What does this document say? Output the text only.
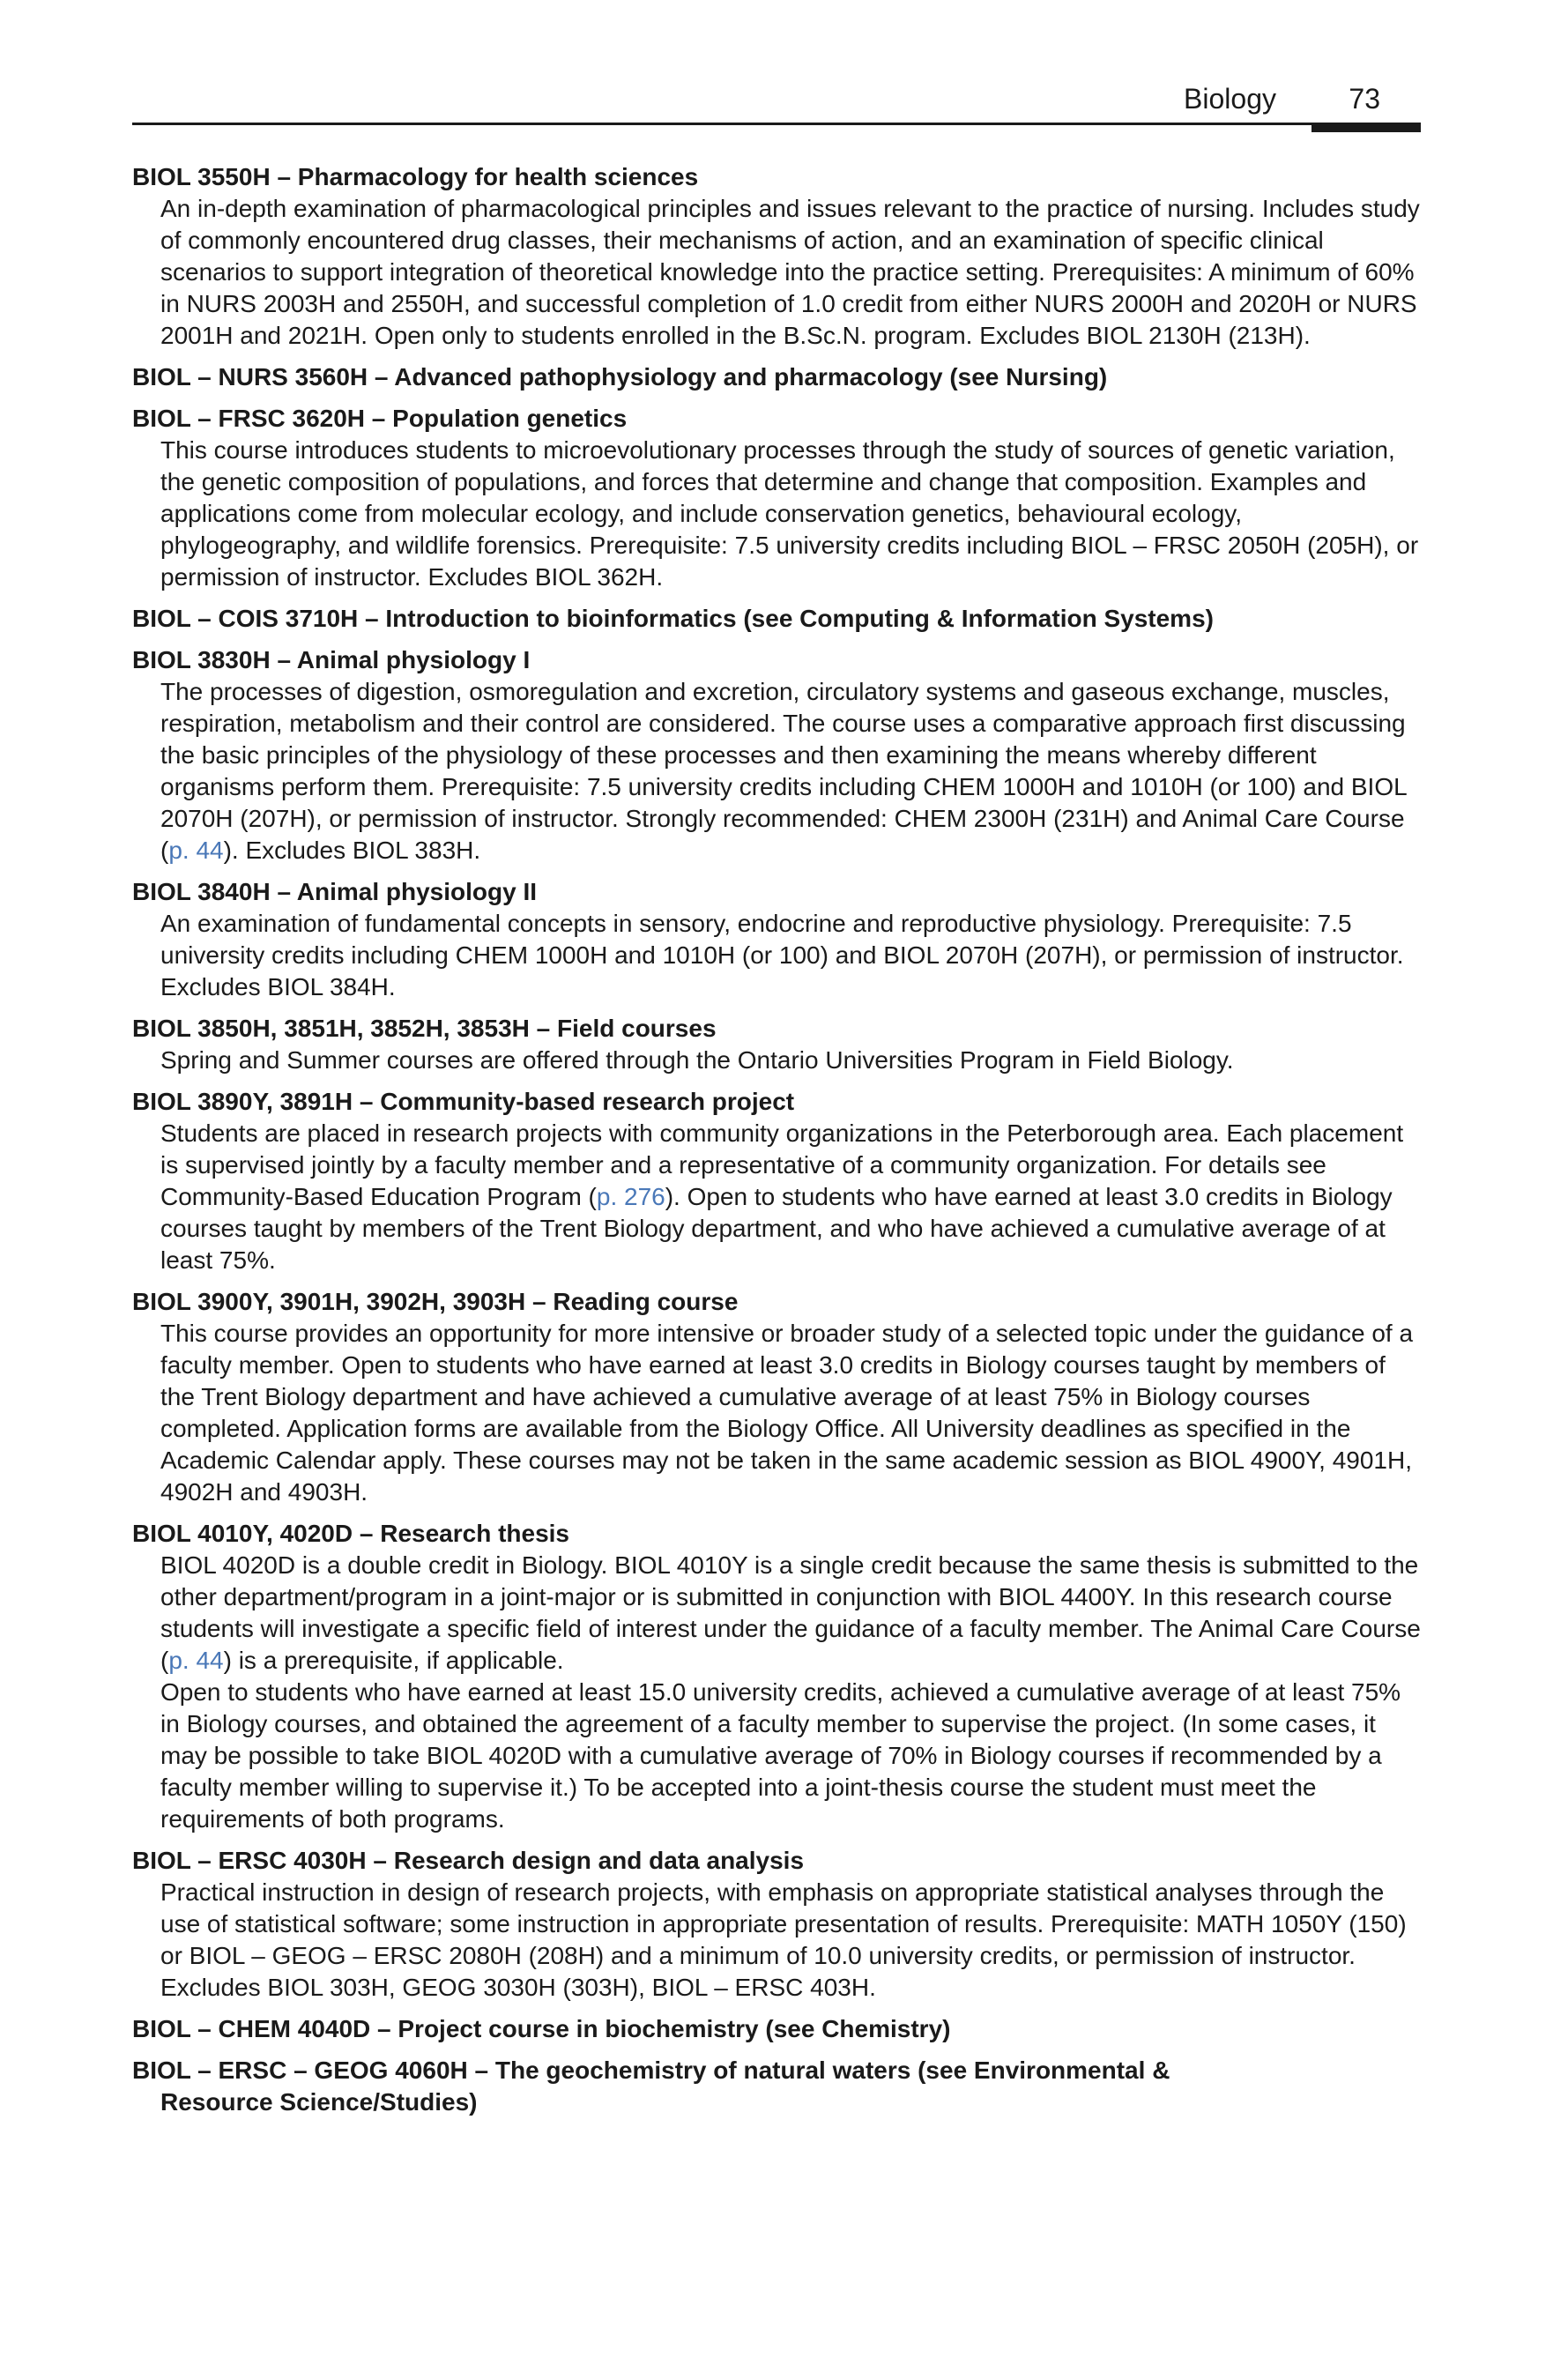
Biology	73
BIOL 3550H – Pharmacology for health sciences

An in-depth examination of pharmacological principles and issues relevant to the practice of nursing. Includes study of commonly encountered drug classes, their mechanisms of action, and an examination of specific clinical scenarios to support integration of theoretical knowledge into the practice setting. Prerequisites: A minimum of 60% in NURS 2003H and 2550H, and successful completion of 1.0 credit from either NURS 2000H and 2020H or NURS 2001H and 2021H. Open only to students enrolled in the B.Sc.N. program. Excludes BIOL 2130H (213H).

BIOL – NURS 3560H – Advanced pathophysiology and pharmacology (see Nursing)
BIOL – FRSC 3620H – Population genetics

This course introduces students to microevolutionary processes through the study of sources of genetic variation, the genetic composition of populations, and forces that determine and change that composition. Examples and applications come from molecular ecology, and include conservation genetics, behavioural ecology, phylogeography, and wildlife forensics. Prerequisite: 7.5 university credits including BIOL – FRSC 2050H (205H), or permission of instructor. Excludes BIOL 362H.

BIOL – COIS 3710H – Introduction to bioinformatics (see Computing & Information Systems)
BIOL 3830H – Animal physiology I

The processes of digestion, osmoregulation and excretion, circulatory systems and gaseous exchange, muscles, respiration, metabolism and their control are considered. The course uses a comparative approach first discussing the basic principles of the physiology of these processes and then examining the means whereby different organisms perform them. Prerequisite: 7.5 university credits including CHEM 1000H and 1010H (or 100) and BIOL 2070H (207H), or permission of instructor. Strongly recommended: CHEM 2300H (231H) and Animal Care Course (p. 44). Excludes BIOL 383H.

BIOL 3840H – Animal physiology II

An examination of fundamental concepts in sensory, endocrine and reproductive physiology. Prerequisite: 7.5 university credits including CHEM 1000H and 1010H (or 100) and BIOL 2070H (207H), or permission of instructor. Excludes BIOL 384H.

BIOL 3850H, 3851H, 3852H, 3853H – Field courses

Spring and Summer courses are offered through the Ontario Universities Program in Field Biology.

BIOL 3890Y, 3891H – Community-based research project

Students are placed in research projects with community organizations in the Peterborough area. Each placement is supervised jointly by a faculty member and a representative of a community organization. For details see Community-Based Education Program (p. 276). Open to students who have earned at least 3.0 credits in Biology courses taught by members of the Trent Biology department, and who have achieved a cumulative average of at least 75%.

BIOL 3900Y, 3901H, 3902H, 3903H – Reading course

This course provides an opportunity for more intensive or broader study of a selected topic under the guidance of a faculty member. Open to students who have earned at least 3.0 credits in Biology courses taught by members of the Trent Biology department and have achieved a cumulative average of at least 75% in Biology courses completed. Application forms are available from the Biology Office. All University deadlines as specified in the Academic Calendar apply. These courses may not be taken in the same academic session as BIOL 4900Y, 4901H, 4902H and 4903H.

BIOL 4010Y, 4020D – Research thesis

BIOL 4020D is a double credit in Biology. BIOL 4010Y is a single credit because the same thesis is submitted to the other department/program in a joint-major or is submitted in conjunction with BIOL 4400Y. In this research course students will investigate a specific field of interest under the guidance of a faculty member. The Animal Care Course (p. 44) is a prerequisite, if applicable.

Open to students who have earned at least 15.0 university credits, achieved a cumulative average of at least 75% in Biology courses, and obtained the agreement of a faculty member to supervise the project. (In some cases, it may be possible to take BIOL 4020D with a cumulative average of 70% in Biology courses if recommended by a faculty member willing to supervise it.) To be accepted into a joint-thesis course the student must meet the requirements of both programs.

BIOL – ERSC 4030H – Research design and data analysis

Practical instruction in design of research projects, with emphasis on appropriate statistical analyses through the use of statistical software; some instruction in appropriate presentation of results. Prerequisite: MATH 1050Y (150) or BIOL – GEOG – ERSC 2080H (208H) and a minimum of 10.0 university credits, or permission of instructor. Excludes BIOL 303H, GEOG 3030H (303H), BIOL – ERSC 403H.

BIOL – CHEM 4040D – Project course in biochemistry (see Chemistry)
BIOL – ERSC – GEOG 4060H – The geochemistry of natural waters (see Environmental &
Resource Science/Studies)
